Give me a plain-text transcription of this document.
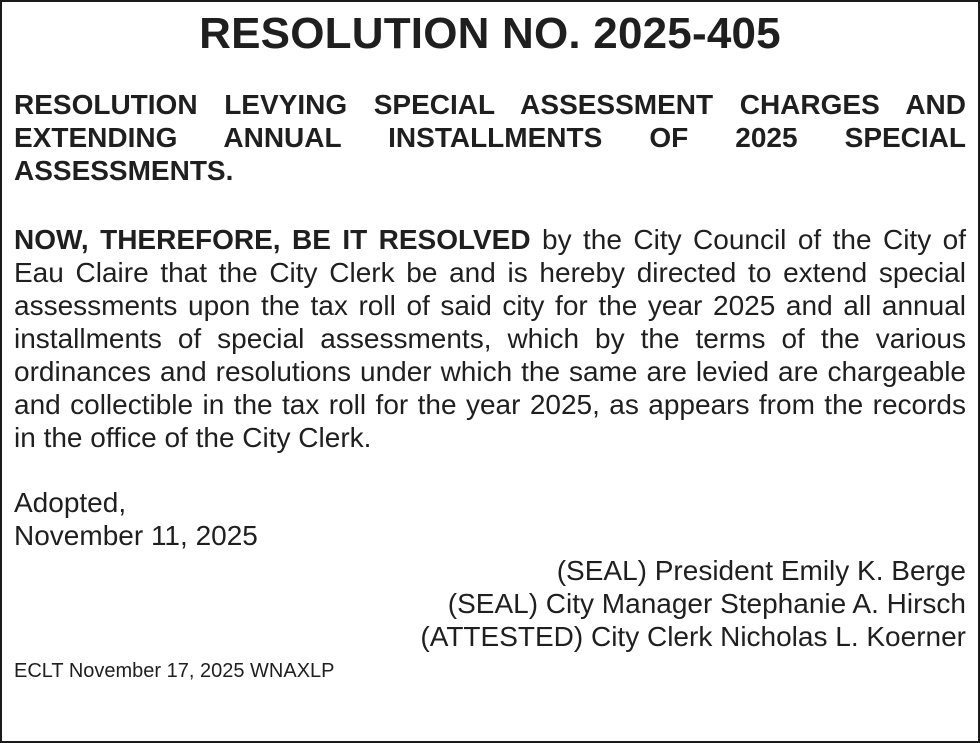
RESOLUTION NO. 2025-405

RESOLUTION LEVYING SPECIAL ASSESSMENT CHARGES AND EXTENDING ANNUAL INSTALLMENTS OF 2025 SPECIAL ASSESSMENTS.

NOW, THEREFORE, BE IT RESOLVED by the City Council of the City of Eau Claire that the City Clerk be and is hereby directed to extend special assessments upon the tax roll of said city for the year 2025 and all annual installments of special assessments, which by the terms of the various ordinances and resolutions under which the same are levied are chargeable and collectible in the tax roll for the year 2025, as appears from the records in the office of the City Clerk.

Adopted,
November 11, 2025

(SEAL) President Emily K. Berge
(SEAL) City Manager Stephanie A. Hirsch
(ATTESTED) City Clerk Nicholas L. Koerner

ECLT November 17, 2025 WNAXLP
